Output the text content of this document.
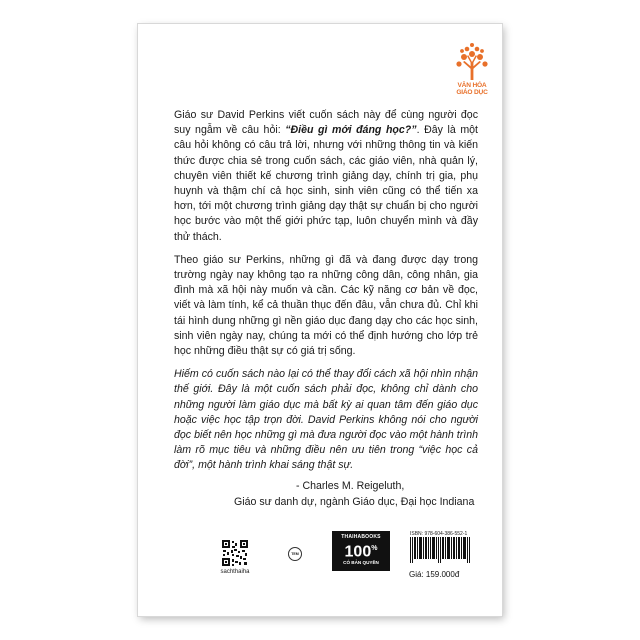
VĂN HÓA
GIÁO DỤC

Giáo sư David Perkins viết cuốn sách này để cùng người đọc suy ngẫm về câu hỏi: “Điều gì mới đáng học?”. Đây là một câu hỏi không có câu trả lời, nhưng với những thông tin và kiến thức được chia sẻ trong cuốn sách, các giáo viên, nhà quản lý, chuyên viên thiết kế chương trình giảng dạy, chính trị gia, phụ huynh và thậm chí cả học sinh, sinh viên cũng có thể tiến xa hơn, tới một chương trình giảng dạy thật sự chuẩn bị cho người học bước vào một thế giới phức tạp, luôn chuyển mình và đầy thử thách.

Theo giáo sư Perkins, những gì đã và đang được dạy trong trường ngày nay không tạo ra những công dân, công nhân, gia đình mà xã hội này muốn và cần. Các kỹ năng cơ bản về đọc, viết và làm tính, kể cả thuần thục đến đâu, vẫn chưa đủ. Chỉ khi tái hình dung những gì nền giáo dục đang dạy cho các học sinh, sinh viên ngày nay, chúng ta mới có thể định hướng cho lớp trẻ học những điều thật sự có giá trị sống.

Hiếm có cuốn sách nào lại có thể thay đổi cách xã hội nhìn nhận thế giới. Đây là một cuốn sách phải đọc, không chỉ dành cho những người làm giáo dục mà bất kỳ ai quan tâm đến giáo dục hoặc việc học tập trọn đời. David Perkins không nói cho người đọc biết nên học những gì mà đưa người đọc vào một hành trình làm rõ mục tiêu và những điều nên ưu tiên trong “việc học cả đời”, một hành trình khai sáng thật sự.

- Charles M. Reigeluth,
Giáo sư danh dự, ngành Giáo dục, Đại học Indiana
sachthaiha
TEM
THAIHABOOKS
100%
CÓ BẢN QUYỀN
ISBN: 978-604-386-552-1
Giá: 159.000đ
